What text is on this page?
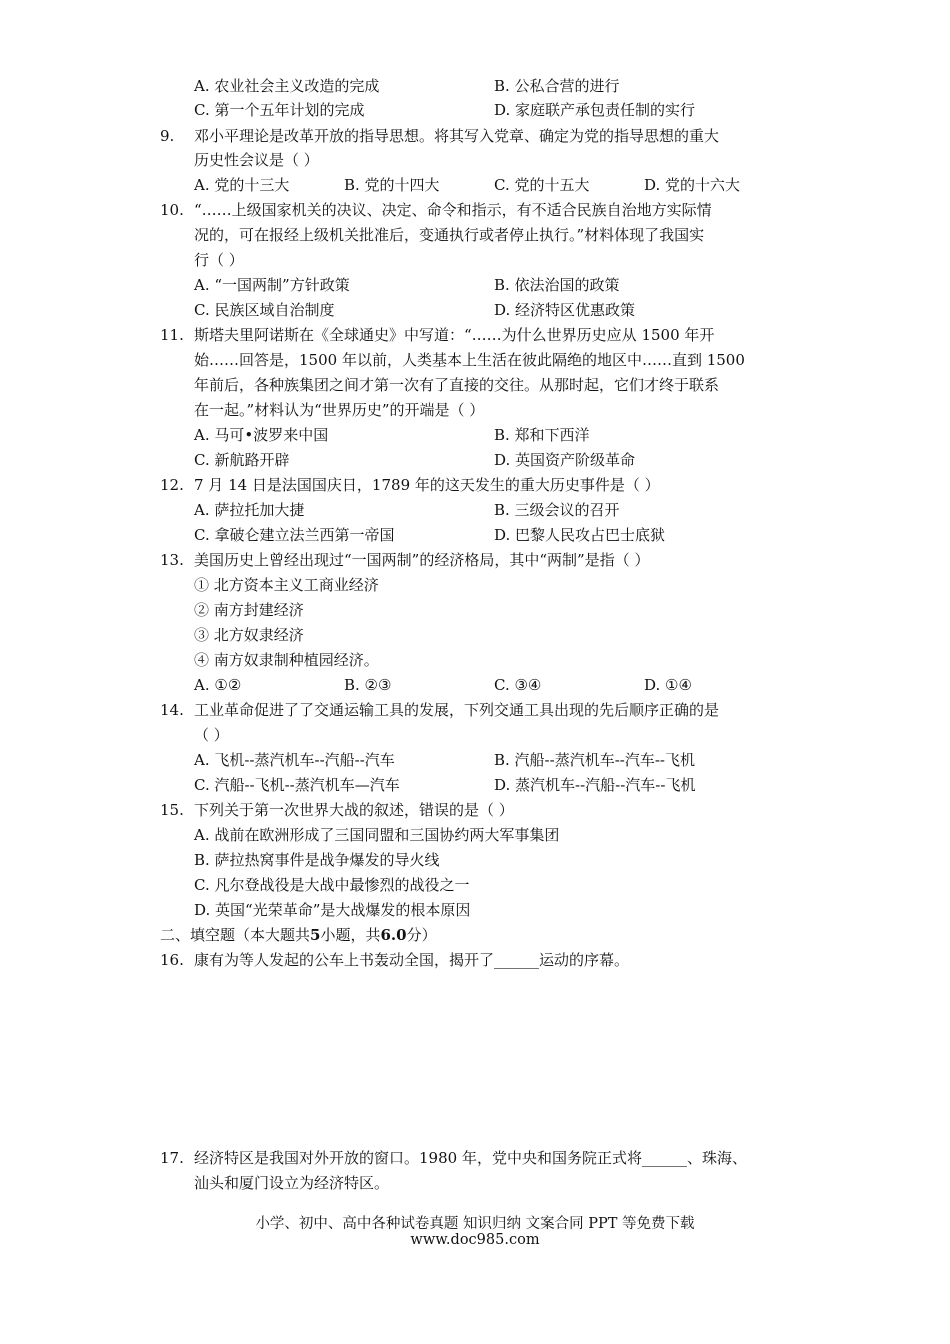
A. 农业社会主义改造的完成	B. 公私合营的进行
C. 第一个五年计划的完成	D. 家庭联产承包责任制的实行
9. 邓小平理论是改革开放的指导思想。将其写入党章、确定为党的指导思想的重大
历史性会议是（ ）
A. 党的十三大	B. 党的十四大	C. 党的十五大	D. 党的十六大
10. “……上级国家机关的决议、决定、命令和指示，有不适合民族自治地方实际情
况的，可在报经上级机关批准后，变通执行或者停止执行。”材料体现了我国实
行（ ）
A. “一国两制”方针政策	B. 依法治国的政策
C. 民族区域自治制度	D. 经济特区优惠政策
11. 斯塔夫里阿诺斯在《全球通史》中写道：“……为什么世界历史应从 1500 年开
始……回答是，1500 年以前，人类基本上生活在彼此隔绝的地区中……直到 1500
年前后，各种族集团之间才第一次有了直接的交往。从那时起，它们才终于联系
在一起。”材料认为“世界历史”的开端是（ ）
A. 马可•波罗来中国	B. 郑和下西洋
C. 新航路开辟	D. 英国资产阶级革命
12. 7 月 14 日是法国国庆日，1789 年的这天发生的重大历史事件是（ ）
A. 萨拉托加大捷	B. 三级会议的召开
C. 拿破仑建立法兰西第一帝国	D. 巴黎人民攻占巴士底狱
13. 美国历史上曾经出现过“一国两制”的经济格局，其中“两制”是指（ ）
① 北方资本主义工商业经济
② 南方封建经济
③ 北方奴隶经济
④ 南方奴隶制种植园经济。
A. ①②	B. ②③	C. ③④	D. ①④
14. 工业革命促进了了交通运输工具的发展，下列交通工具出现的先后顺序正确的是
（ ）
A. 飞机--蒸汽机车--汽船--汽车	B. 汽船--蒸汽机车--汽车--飞机
C. 汽船--飞机--蒸汽机车—汽车	D. 蒸汽机车--汽船--汽车--飞机
15. 下列关于第一次世界大战的叙述，错误的是（ ）
A. 战前在欧洲形成了三国同盟和三国协约两大军事集团
B. 萨拉热窝事件是战争爆发的导火线
C. 凡尔登战役是大战中最惨烈的战役之一
D. 英国“光荣革命”是大战爆发的根本原因
二、填空题（本大题共5小题，共6.0分）
16. 康有为等人发起的公车上书轰动全国，揭开了______运动的序幕。
17. 经济特区是我国对外开放的窗口。1980 年，党中央和国务院正式将______、珠海、
汕头和厦门设立为经济特区。
小学、初中、高中各种试卷真题 知识归纳 文案合同 PPT 等免费下载
www.doc985.com
